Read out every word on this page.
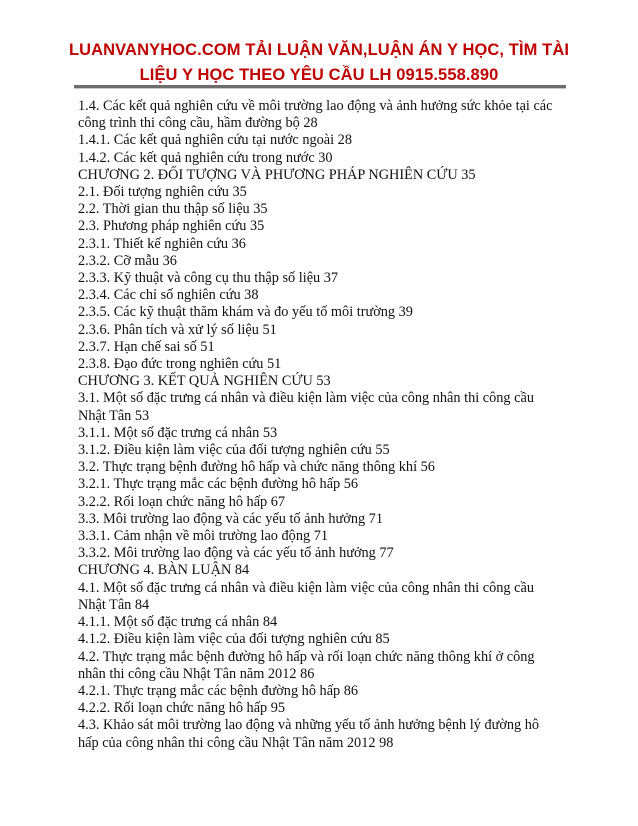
LUANVANYHOC.COM TẢI LUẬN VĂN,LUẬN ÁN Y HỌC, TÌM TÀI
LIỆU Y HỌC THEO YÊU CẦU LH 0915.558.890
1.4. Các kết quả nghiên cứu về môi trường lao động và ảnh hưởng sức khỏe tại các
công trình thi công cầu, hầm đường bộ 28
1.4.1. Các kết quả nghiên cứu tại nước ngoài 28
1.4.2. Các kết quả nghiên cứu trong nước 30
CHƯƠNG 2. ĐỐI TƯỢNG VÀ PHƯƠNG PHÁP NGHIÊN CỨU 35
2.1. Đối tượng nghiên cứu 35
2.2. Thời gian thu thập số liệu 35
2.3. Phương pháp nghiên cứu 35
2.3.1. Thiết kế nghiên cứu 36
2.3.2. Cỡ mẫu 36
2.3.3. Kỹ thuật và công cụ thu thập số liệu 37
2.3.4. Các chỉ số nghiên cứu 38
2.3.5. Các kỹ thuật thăm khám và đo yếu tố môi trường 39
2.3.6. Phân tích và xử lý số liệu 51
2.3.7. Hạn chế sai số 51
2.3.8. Đạo đức trong nghiên cứu 51
CHƯƠNG 3. KẾT QUẢ NGHIÊN CỨU 53
3.1. Một số đặc trưng cá nhân và điều kiện làm việc của công nhân thi công cầu
Nhật Tân 53
3.1.1. Một số đặc trưng cá nhân 53
3.1.2. Điều kiện làm việc của đối tượng nghiên cứu 55
3.2. Thực trạng bệnh đường hô hấp và chức năng thông khí 56
3.2.1. Thực trạng mắc các bệnh đường hô hấp 56
3.2.2. Rối loạn chức năng hô hấp 67
3.3. Môi trường lao động và các yếu tố ảnh hưởng 71
3.3.1. Cảm nhận về môi trường lao động 71
3.3.2. Môi trường lao động và các yếu tố ảnh hưởng 77
CHƯƠNG 4. BÀN LUẬN 84
4.1. Một số đặc trưng cá nhân và điều kiện làm việc của công nhân thi công cầu
Nhật Tân 84
4.1.1. Một số đặc trưng cá nhân 84
4.1.2. Điều kiện làm việc của đối tượng nghiên cứu 85
4.2. Thực trạng mắc bệnh đường hô hấp và rối loạn chức năng thông khí ở công
nhân thi công cầu Nhật Tân năm 2012 86
4.2.1. Thực trạng mắc các bệnh đường hô hấp 86
4.2.2. Rối loạn chức năng hô hấp 95
4.3. Khảo sát môi trường lao động và những yếu tố ảnh hưởng bệnh lý đường hô
hấp của công nhân thi công cầu Nhật Tân năm 2012 98
